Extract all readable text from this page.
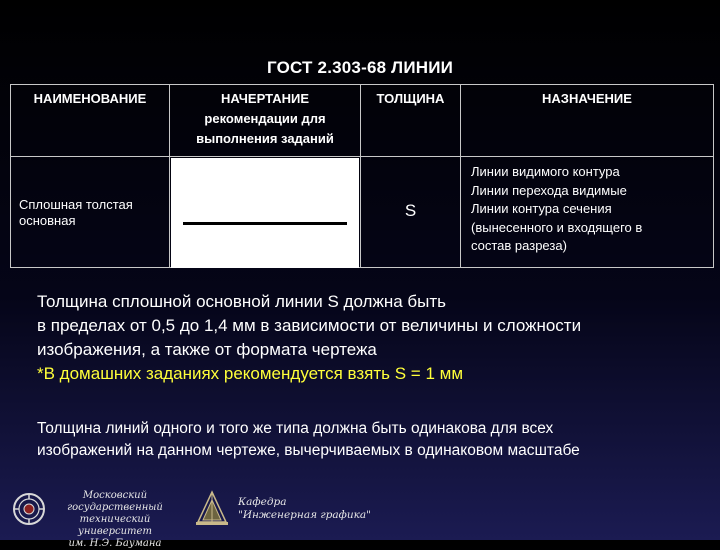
ГОСТ 2.303-68 ЛИНИИ
НАИМЕНОВАНИЕ	НАЧЕРТАНИЕ
рекомендации для
выполнения заданий
ТОЛЩИНА	НАЗНАЧЕНИЕ
Сплошная толстая
основная
S
Линии видимого контура
Линии перехода видимые
Линии контура сечения
(вынесенного и входящего в
состав разреза)
Толщина сплошной основной линии S должна быть
в пределах от 0,5 до 1,4 мм в зависимости от величины и сложности
изображения, а также от формата чертежа
*В домашних заданиях рекомендуется взять S = 1 мм
Толщина линий одного и того же типа должна быть одинакова для всех
изображений на данном чертеже, вычерчиваемых в одинаковом масштабе
Московский государственный
технический университет
им. Н.Э. Баумана
Кафедра
"Инженерная графика"
